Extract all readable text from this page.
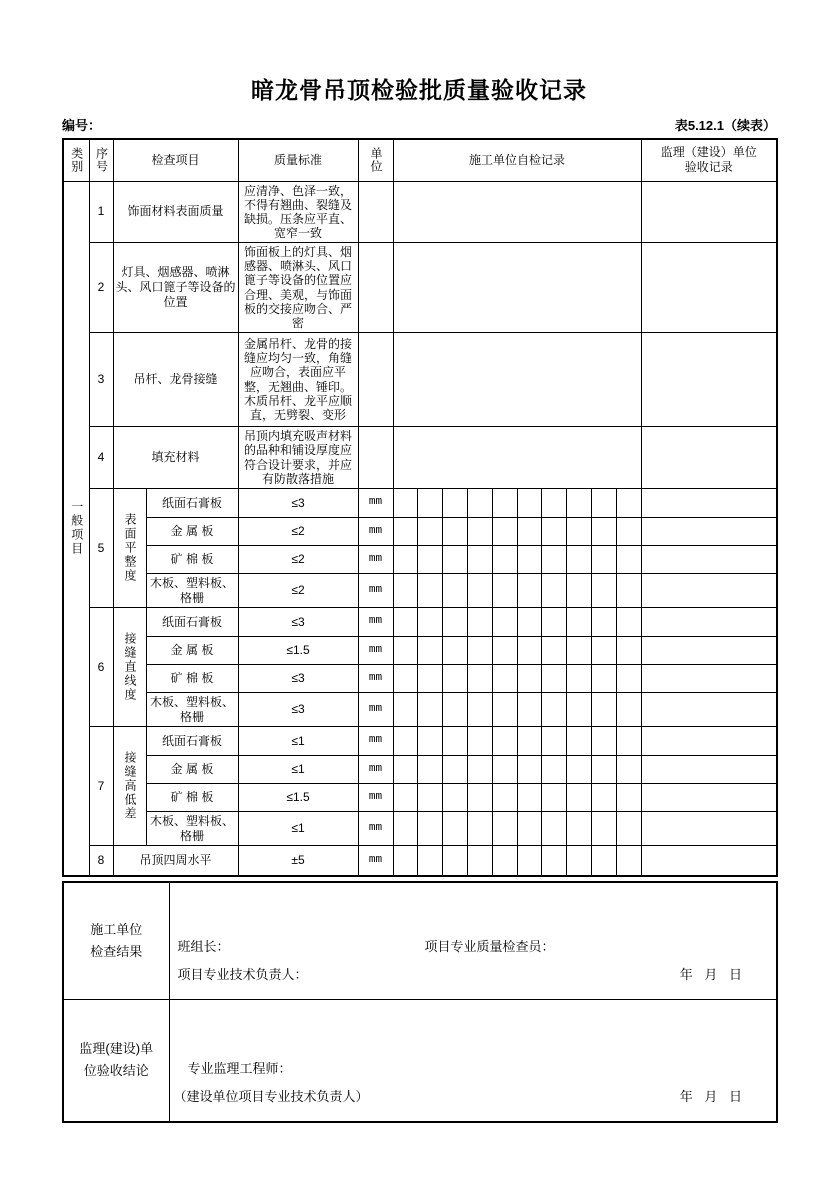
暗龙骨吊顶检验批质量验收记录
编号：	表5.12.1（续表）
类别	序号	检查项目		质量标准	单位	施工单位自检记录										监理（建设）单位
验收记录

一般项目	1	饰面材料表面质量		应清净、色泽一致，不得有翘曲、裂缝及缺损。压条应平直、宽窄一致												
	2	灯具、烟感器、喷淋头、风口篦子等设备的位置		饰面板上的灯具、烟感器、喷淋头、风口篦子等设备的位置应合理、美观，与饰面板的交接应吻合、严密												
	3	吊杆、龙骨接缝		金属吊杆、龙骨的接缝应均匀一致，角缝应吻合，表面应平整，无翘曲、锤印。木质吊杆、龙平应顺直，无劈裂、变形												
	4	填充材料		吊顶内填充吸声材料的品种和铺设厚度应符合设计要求，并应有防散落措施												
	5	表面平整度	纸面石膏板	≤3	mm											
			金 属 板	≤2	mm											
			矿 棉 板	≤2	mm											
			木板、塑料板、格栅	≤2	mm											
	6	接缝直线度	纸面石膏板	≤3	mm											
			金 属 板	≤1.5	mm											
			矿 棉 板	≤3	mm											
			木板、塑料板、格栅	≤3	mm											
	7	接缝高低差	纸面石膏板	≤1	mm											
			金 属 板	≤1	mm											
			矿 棉 板	≤1.5	mm											
			木板、塑料板、格栅	≤1	mm											
	8	吊顶四周水平		±5	mm											
施工单位
检查结果	班组长：	项目专业质量检查员：
项目专业技术负责人：	年 月 日

监理(建设)单
位验收结论	专业监理工程师：
（建设单位项目专业技术负责人）	年 月 日
